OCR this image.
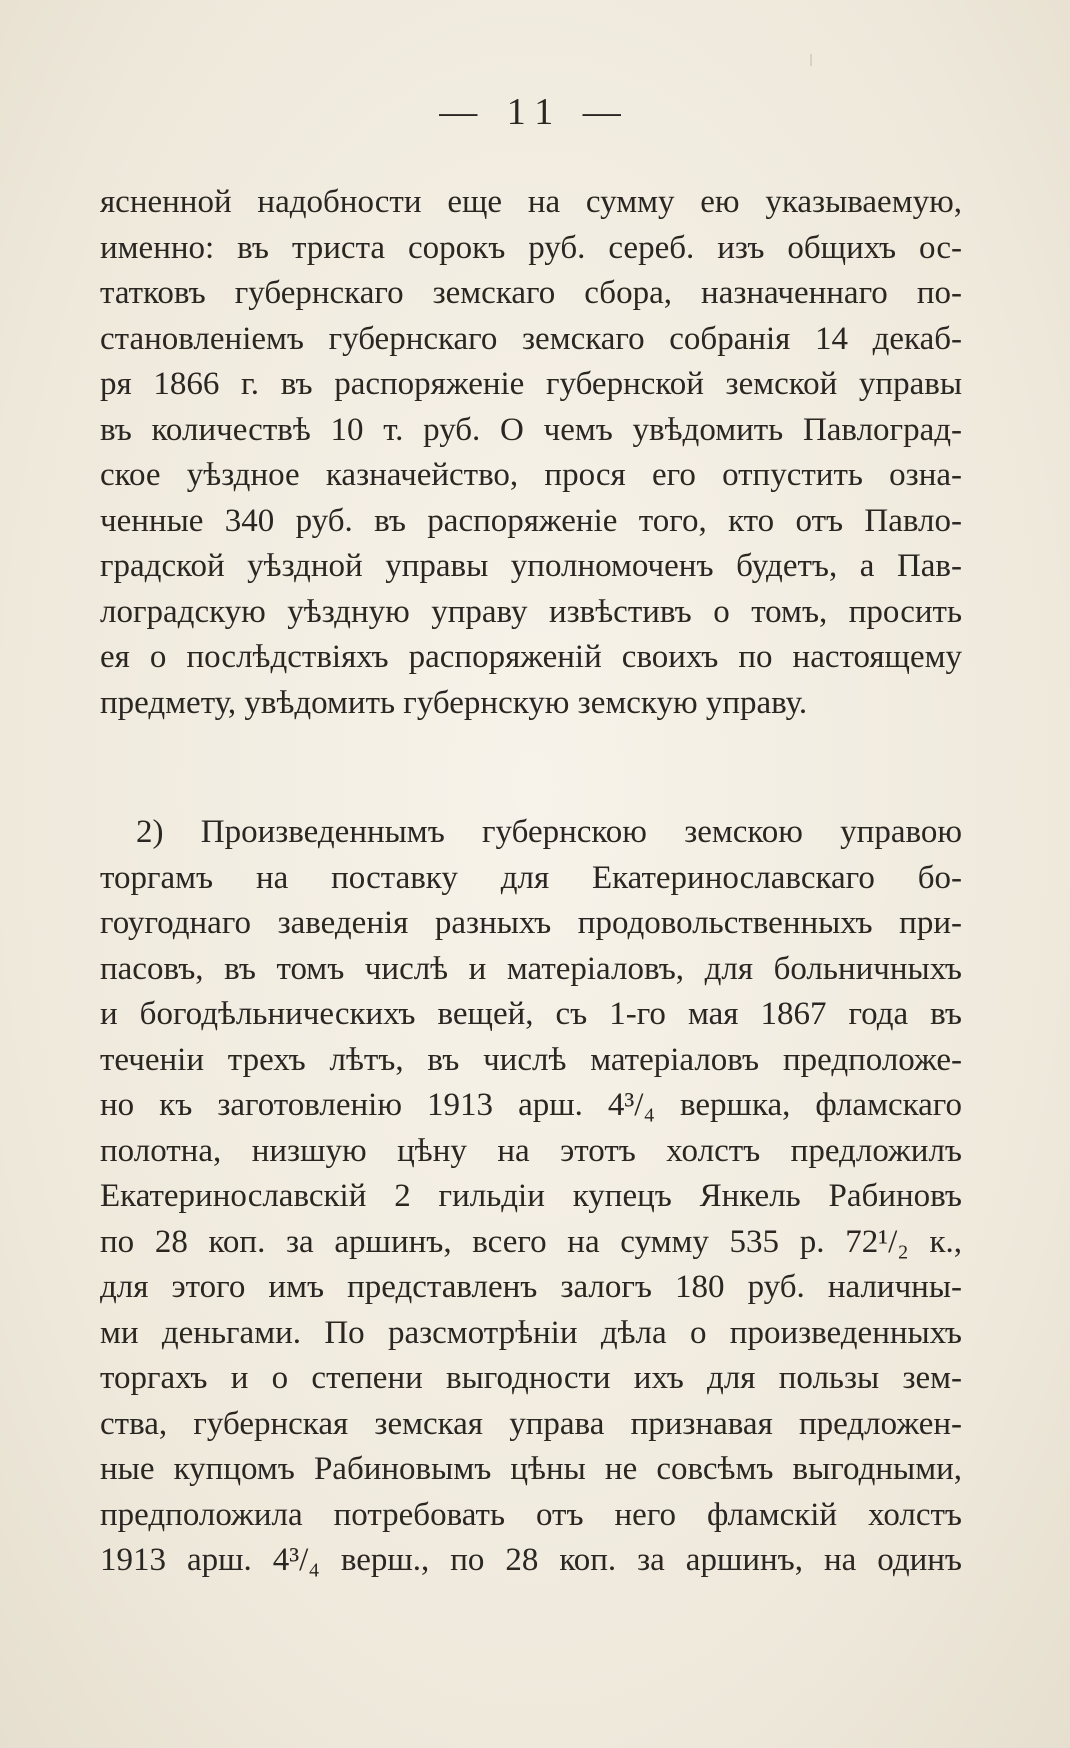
— 11 —
ясненной надобности еще на сумму ею указываемую,
именно: въ триста сорокъ руб. сереб. изъ общихъ ос-
татковъ губернскаго земскаго сбора, назначеннаго по-
становленіемъ губернскаго земскаго собранія 14 декаб-
ря 1866 г. въ распоряженіе губернской земской управы
въ количествѣ 10 т. руб. О чемъ увѣдомить Павлоград-
ское уѣздное казначейство, прося его отпустить озна-
ченные 340 руб. въ распоряженіе того, кто отъ Павло-
градской уѣздной управы уполномоченъ будетъ, а Пав-
лоградскую уѣздную управу извѣстивъ о томъ, просить
ея о послѣдствіяхъ распоряженій своихъ по настоящему
предмету, увѣдомить губернскую земскую управу.
2) Произведеннымъ губернскою земскою управою
торгамъ на поставку для Екатеринославскаго бо-
гоугоднаго заведенія разныхъ продовольственныхъ при-
пасовъ, въ томъ числѣ и матеріаловъ, для больничныхъ
и богодѣльническихъ вещей, съ 1-го мая 1867 года въ
теченіи трехъ лѣтъ, въ числѣ матеріаловъ предположе-
но къ заготовленію 1913 арш. 4³/₄ вершка, фламскаго
полотна, низшую цѣну на этотъ холстъ предложилъ
Екатеринославскій 2 гильдіи купецъ Янкель Рабиновъ
по 28 коп. за аршинъ, всего на сумму 535 р. 72¹/₂ к.,
для этого имъ представленъ залогъ 180 руб. наличны-
ми деньгами. По разсмотрѣніи дѣла о произведенныхъ
торгахъ и о степени выгодности ихъ для пользы зем-
ства, губернская земская управа признавая предложен-
ные купцомъ Рабиновымъ цѣны не совсѣмъ выгодными,
предположила потребовать отъ него фламскій холстъ
1913 арш. 4³/₄ верш., по 28 коп. за аршинъ, на одинъ
